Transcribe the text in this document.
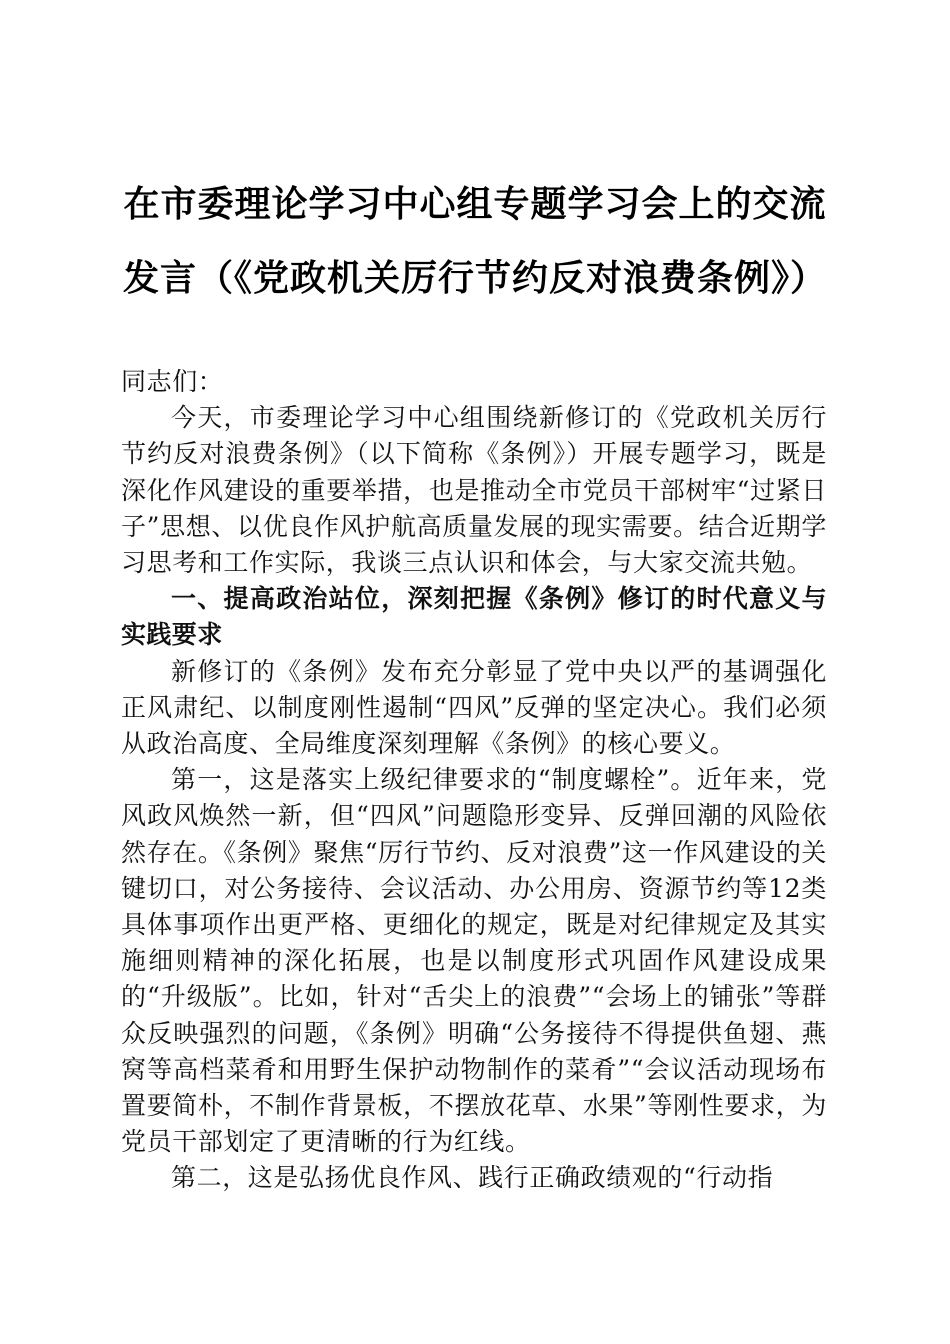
在市委理论学习中心组专题学习会上的交流发言（《党政机关厉行节约反对浪费条例》）

同志们：

今天，市委理论学习中心组围绕新修订的《党政机关厉行节约反对浪费条例》（以下简称《条例》）开展专题学习，既是深化作风建设的重要举措，也是推动全市党员干部树牢“过紧日子”思想、以优良作风护航高质量发展的现实需要。结合近期学习思考和工作实际，我谈三点认识和体会，与大家交流共勉。

一、提高政治站位，深刻把握《条例》修订的时代意义与实践要求

新修订的《条例》发布充分彰显了党中央以严的基调强化正风肃纪、以制度刚性遏制“四风”反弹的坚定决心。我们必须从政治高度、全局维度深刻理解《条例》的核心要义。

第一，这是落实上级纪律要求的“制度螺栓”。近年来，党风政风焕然一新，但“四风”问题隐形变异、反弹回潮的风险依然存在。《条例》聚焦“厉行节约、反对浪费”这一作风建设的关键切口，对公务接待、会议活动、办公用房、资源节约等12类具体事项作出更严格、更细化的规定，既是对纪律规定及其实施细则精神的深化拓展，也是以制度形式巩固作风建设成果的“升级版”。比如，针对“舌尖上的浪费”“会场上的铺张”等群众反映强烈的问题，《条例》明确“公务接待不得提供鱼翅、燕窝等高档菜肴和用野生保护动物制作的菜肴”“会议活动现场布置要简朴，不制作背景板，不摆放花草、水果”等刚性要求，为党员干部划定了更清晰的行为红线。

第二，这是弘扬优良作风、践行正确政绩观的“行动指
